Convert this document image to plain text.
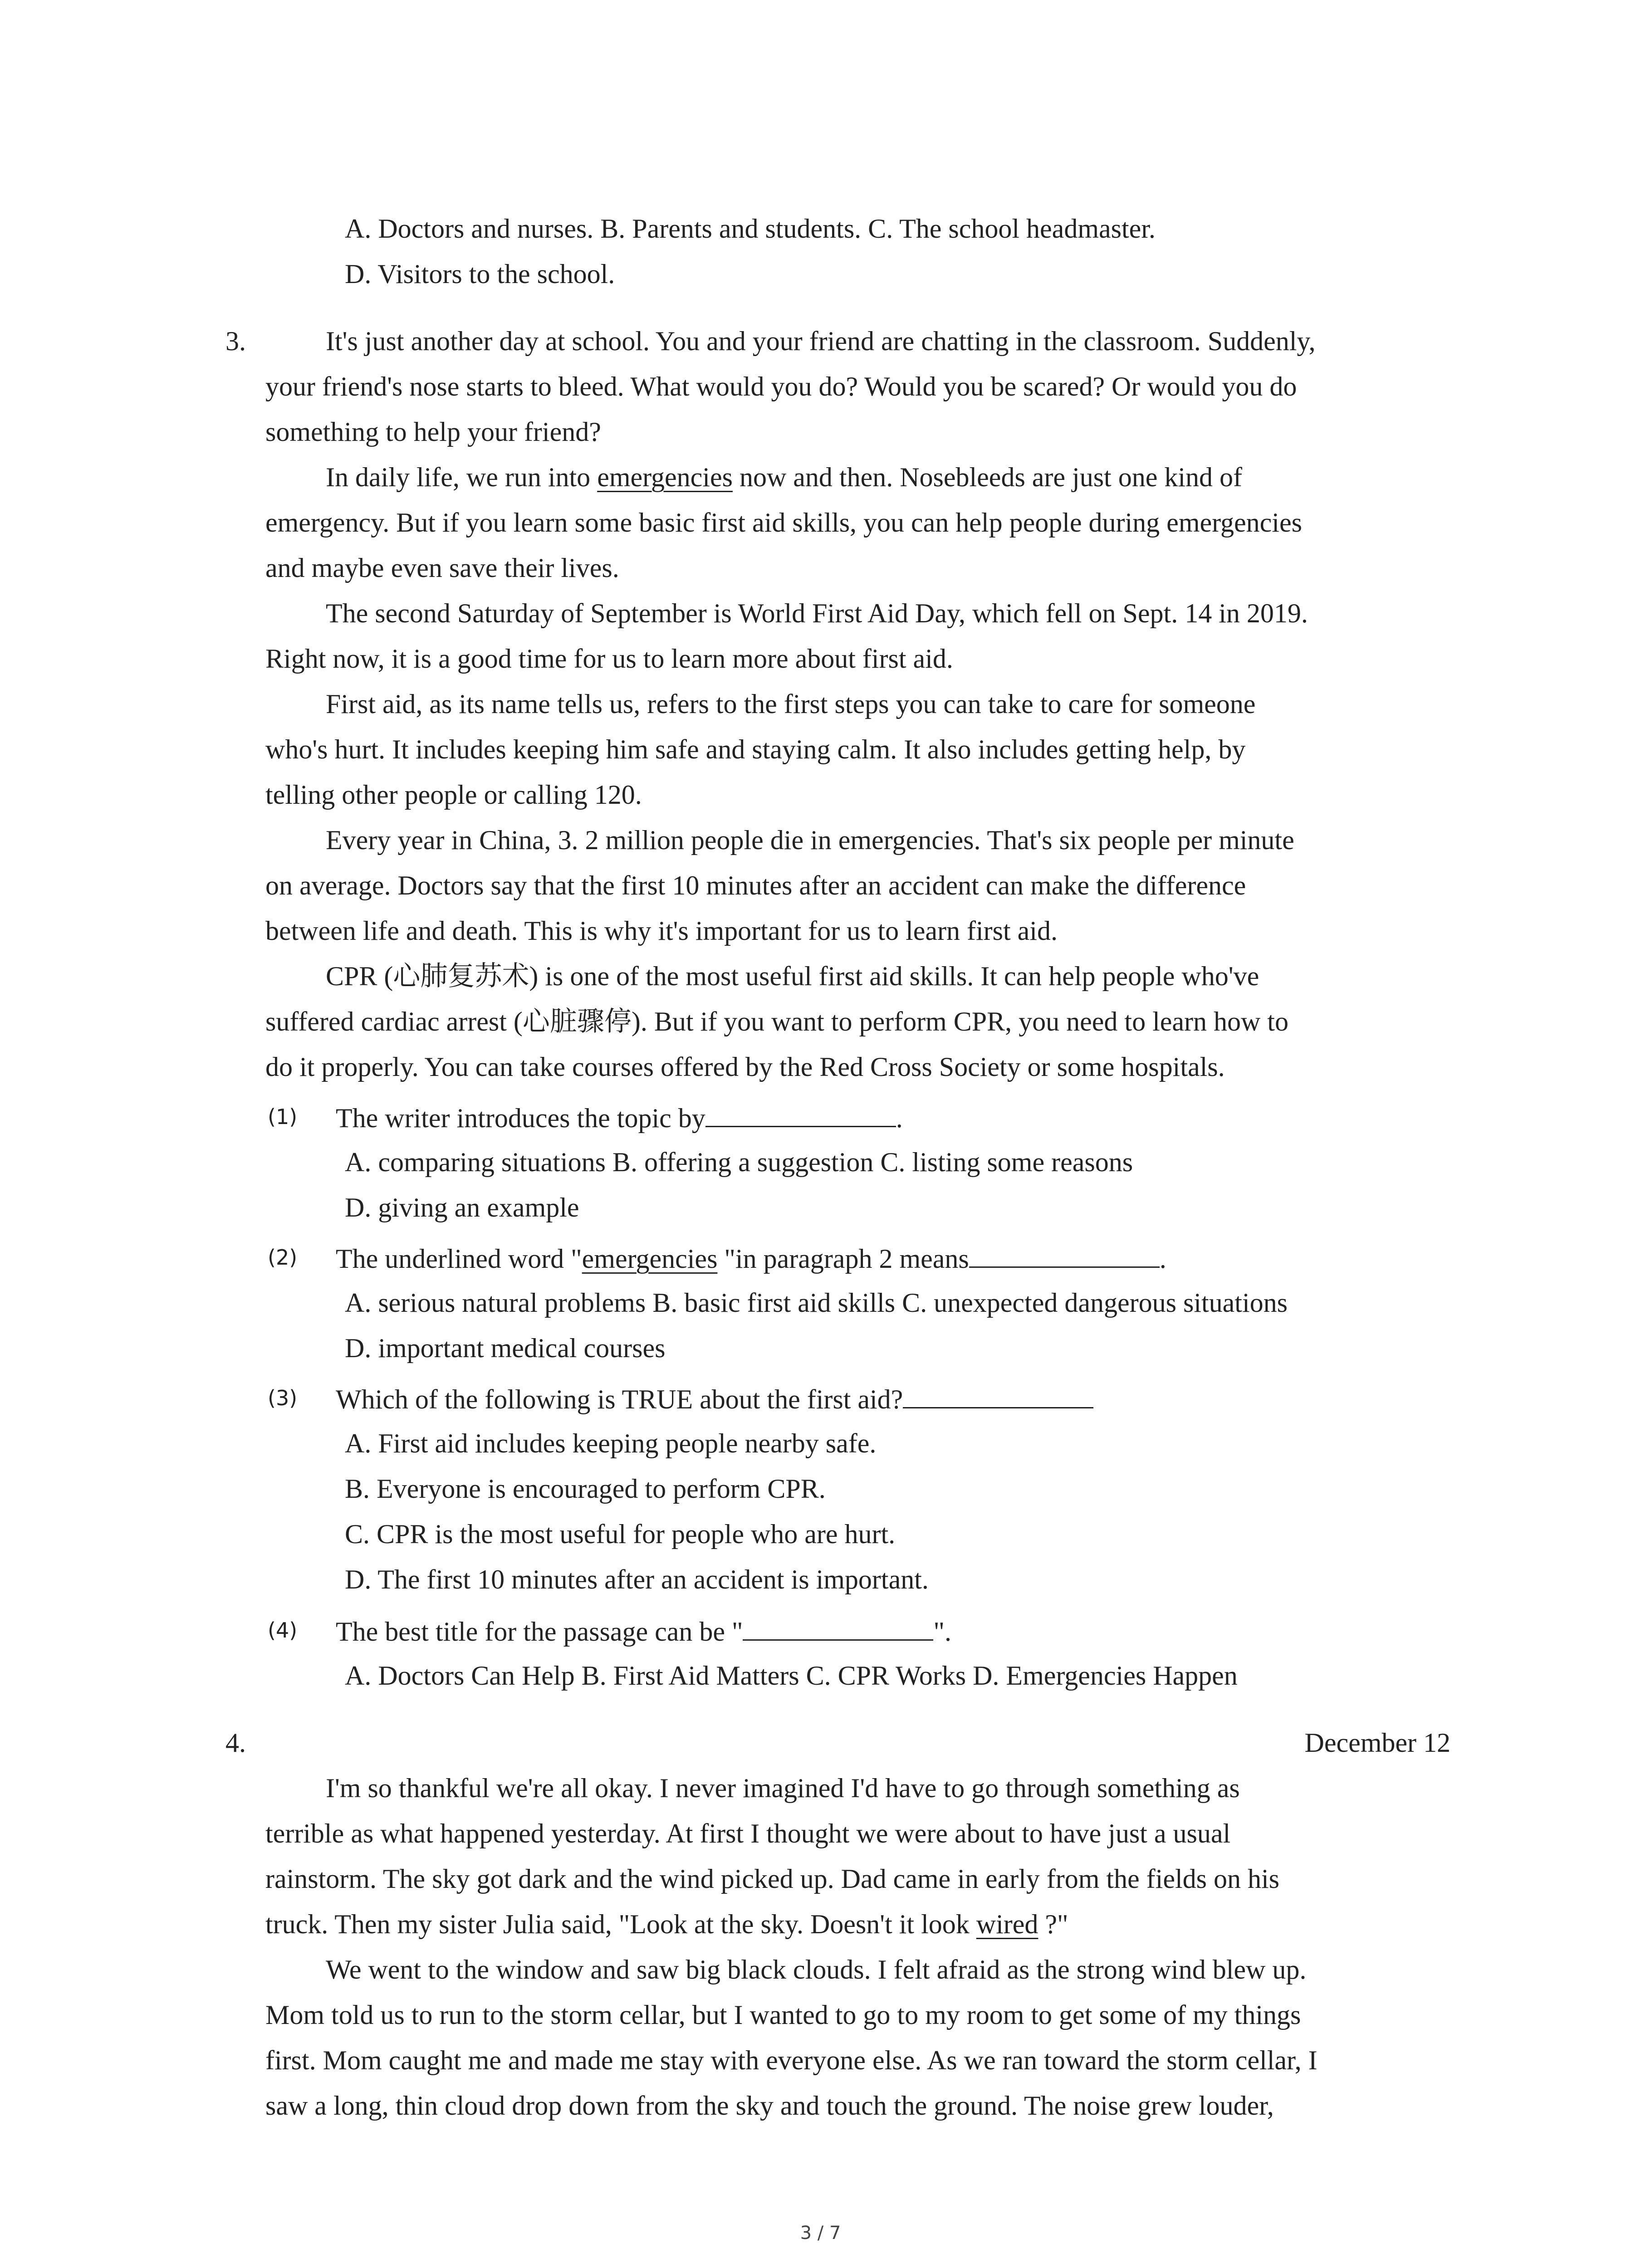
A. Doctors and nurses. B. Parents and students. C. The school headmaster.
D. Visitors to the school.
3.	It's just another day at school. You and your friend are chatting in the classroom. Suddenly,
your friend's nose starts to bleed. What would you do? Would you be scared? Or would you do
something to help your friend?
In daily life, we run into emergencies now and then. Nosebleeds are just one kind of
emergency. But if you learn some basic first aid skills, you can help people during emergencies
and maybe even save their lives.
The second Saturday of September is World First Aid Day, which fell on Sept. 14 in 2019.
Right now, it is a good time for us to learn more about first aid.
First aid, as its name tells us, refers to the first steps you can take to care for someone
who's hurt. It includes keeping him safe and staying calm. It also includes getting help, by
telling other people or calling 120.
Every year in China, 3. 2 million people die in emergencies. That's six people per minute
on average. Doctors say that the first 10 minutes after an accident can make the difference
between life and death. This is why it's important for us to learn first aid.
CPR (心肺复苏术) is one of the most useful first aid skills. It can help people who've
suffered cardiac arrest (心脏骤停). But if you want to perform CPR, you need to learn how to
do it properly. You can take courses offered by the Red Cross Society or some hospitals.
(1) The writer introduces the topic by	.
A. comparing situations B. offering a suggestion C. listing some reasons
D. giving an example
(2) The underlined word "emergencies "in paragraph 2 means	.
A. serious natural problems B. basic first aid skills C. unexpected dangerous situations
D. important medical courses
(3) Which of the following is TRUE about the first aid?
A. First aid includes keeping people nearby safe.
B. Everyone is encouraged to perform CPR.
C. CPR is the most useful for people who are hurt.
D. The first 10 minutes after an accident is important.
(4) The best title for the passage can be "	".
A. Doctors Can Help B. First Aid Matters C. CPR Works D. Emergencies Happen
4.	December 12
I'm so thankful we're all okay. I never imagined I'd have to go through something as
terrible as what happened yesterday. At first I thought we were about to have just a usual
rainstorm. The sky got dark and the wind picked up. Dad came in early from the fields on his
truck. Then my sister Julia said, "Look at the sky. Doesn't it look wired ?"
We went to the window and saw big black clouds. I felt afraid as the strong wind blew up.
Mom told us to run to the storm cellar, but I wanted to go to my room to get some of my things
first. Mom caught me and made me stay with everyone else. As we ran toward the storm cellar, I
saw a long, thin cloud drop down from the sky and touch the ground. The noise grew louder,
3 / 7
